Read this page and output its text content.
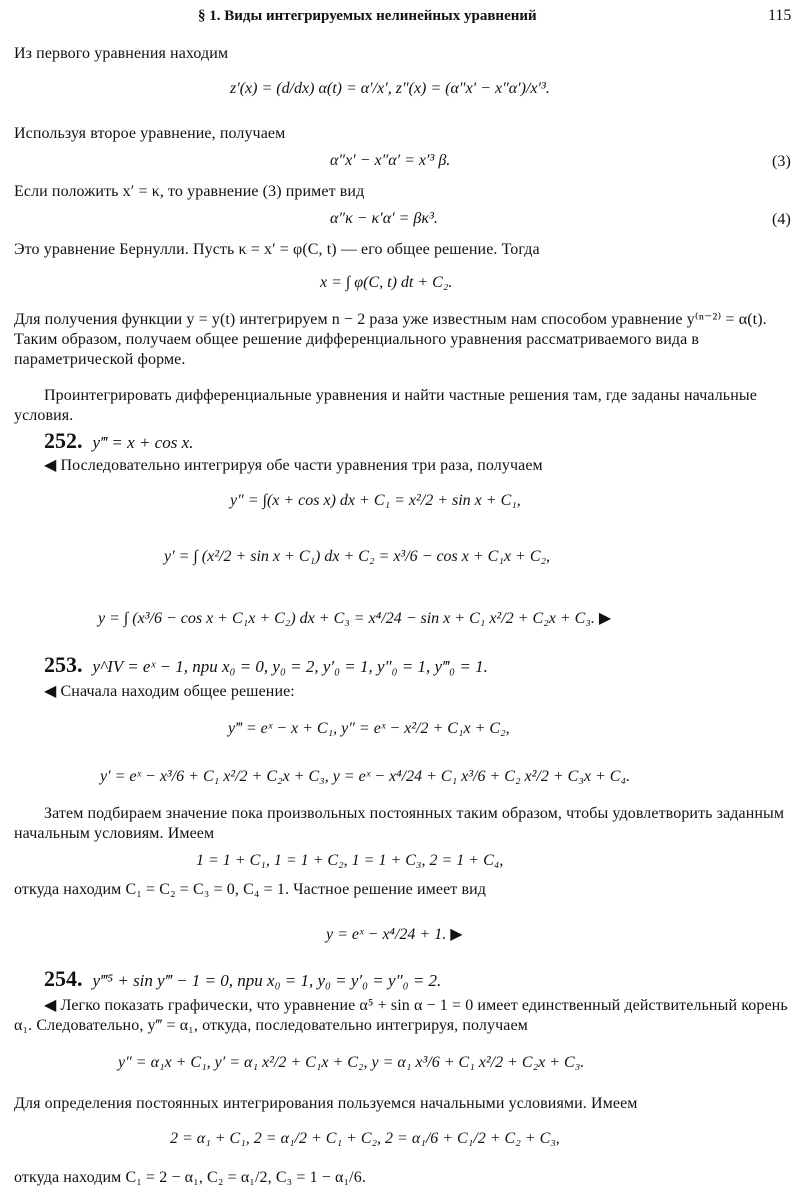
§ 1. Виды интегрируемых нелинейных уравнений	115
Из первого уравнения находим
z′(x) = (d/dx) α(t) = α′/x′, z″(x) = (α″x′ − x″α′)/x′³.
Используя второе уравнение, получаем
α″x′ − x″α′ = x′³ β.	(3)
Если положить x′ = κ, то уравнение (3) примет вид
α″κ − κ′α′ = βκ³.	(4)
Это уравнение Бернулли. Пусть κ = x′ = φ(C, t) — его общее решение. Тогда
x = ∫ φ(C, t) dt + C₂.
Для получения функции y = y(t) интегрируем n − 2 раза уже известным нам способом уравнение y⁽ⁿ⁻²⁾ = α(t). Таким образом, получаем общее решение дифференциального уравнения рассматриваемого вида в параметрической форме.
Проинтегрировать дифференциальные уравнения и найти частные решения там, где заданы начальные условия.
252. y‴ = x + cos x.
◀ Последовательно интегрируя обе части уравнения три раза, получаем
y″ = ∫(x + cos x) dx + C₁ = x²/2 + sin x + C₁,
y′ = ∫ (x²/2 + sin x + C₁) dx + C₂ = x³/6 − cos x + C₁x + C₂,
y = ∫ (x³/6 − cos x + C₁x + C₂) dx + C₃ = x⁴/24 − sin x + C₁ x²/2 + C₂x + C₃. ▶
253. y^IV = eˣ − 1, при x₀ = 0, y₀ = 2, y′₀ = 1, y″₀ = 1, y‴₀ = 1.
◀ Сначала находим общее решение:
y‴ = eˣ − x + C₁, y″ = eˣ − x²/2 + C₁x + C₂,
y′ = eˣ − x³/6 + C₁ x²/2 + C₂x + C₃, y = eˣ − x⁴/24 + C₁ x³/6 + C₂ x²/2 + C₃x + C₄.
Затем подбираем значение пока произвольных постоянных таким образом, чтобы удовлетворить заданным начальным условиям. Имеем
1 = 1 + C₁, 1 = 1 + C₂, 1 = 1 + C₃, 2 = 1 + C₄,
откуда находим C₁ = C₂ = C₃ = 0, C₄ = 1. Частное решение имеет вид
y = eˣ − x⁴/24 + 1. ▶
254. y‴⁵ + sin y‴ − 1 = 0, при x₀ = 1, y₀ = y′₀ = y″₀ = 2.
◀ Легко показать графически, что уравнение α⁵ + sin α − 1 = 0 имеет единственный действительный корень α₁. Следовательно, y‴ = α₁, откуда, последовательно интегрируя, получаем
y″ = α₁x + C₁, y′ = α₁ x²/2 + C₁x + C₂, y = α₁ x³/6 + C₁ x²/2 + C₂x + C₃.
Для определения постоянных интегрирования пользуемся начальными условиями. Имеем
2 = α₁ + C₁, 2 = α₁/2 + C₁ + C₂, 2 = α₁/6 + C₁/2 + C₂ + C₃,
откуда находим C₁ = 2 − α₁, C₂ = α₁/2, C₃ = 1 − α₁/6.
